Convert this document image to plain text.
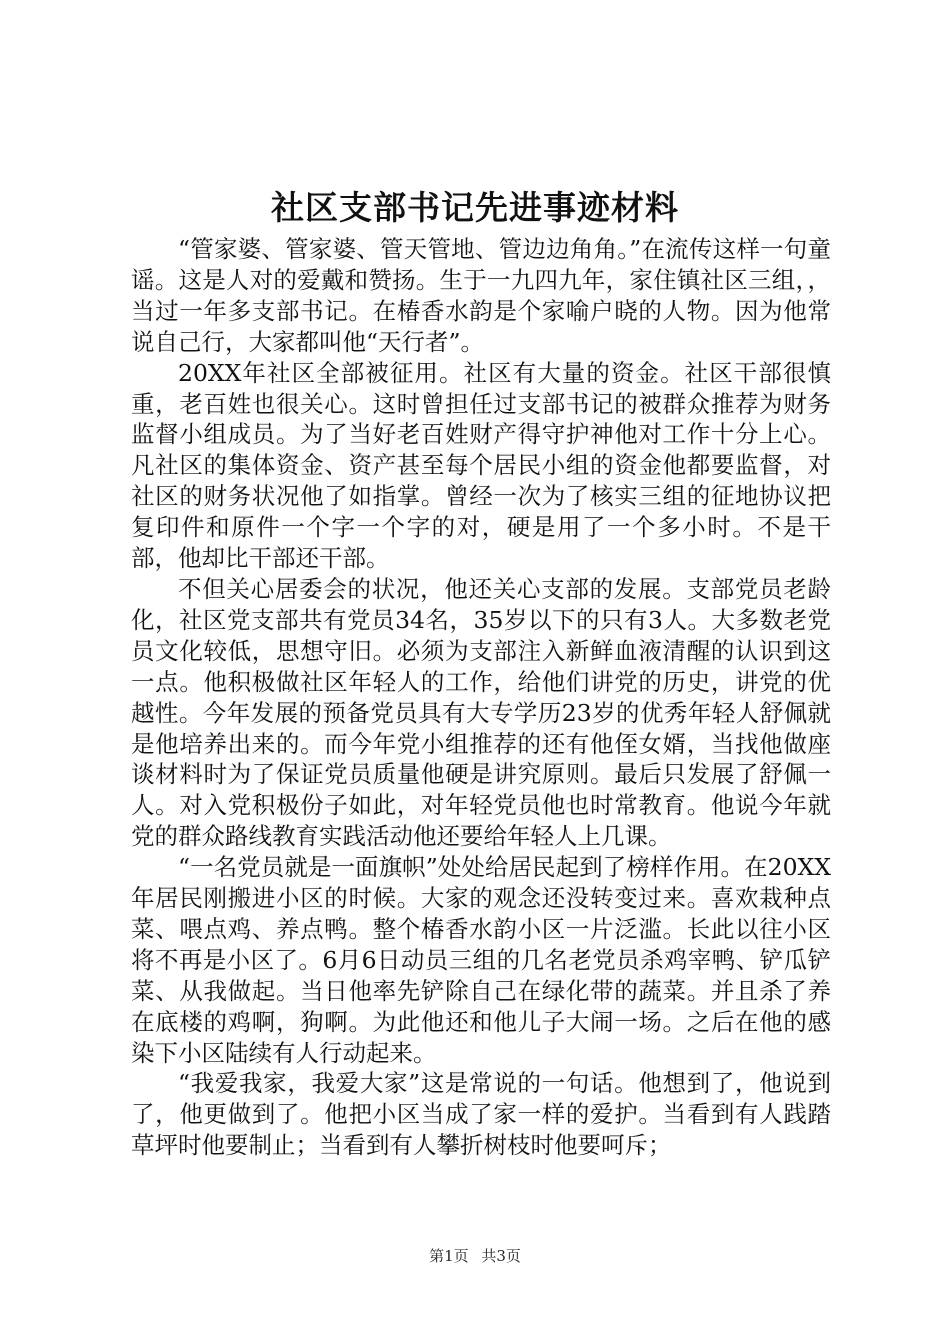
社区支部书记先进事迹材料

“管家婆、管家婆、管天管地、管边边角角。”在流传这样一句童谣。这是人对的爱戴和赞扬。生于一九四九年，家住镇社区三组，，当过一年多支部书记。在椿香水韵是个家喻户晓的人物。因为他常说自己行，大家都叫他“天行者”。

20XX年社区全部被征用。社区有大量的资金。社区干部很慎重，老百姓也很关心。这时曾担任过支部书记的被群众推荐为财务监督小组成员。为了当好老百姓财产得守护神他对工作十分上心。凡社区的集体资金、资产甚至每个居民小组的资金他都要监督，对社区的财务状况他了如指掌。曾经一次为了核实三组的征地协议把复印件和原件一个字一个字的对，硬是用了一个多小时。不是干部，他却比干部还干部。

不但关心居委会的状况，他还关心支部的发展。支部党员老龄化，社区党支部共有党员34名，35岁以下的只有3人。大多数老党员文化较低，思想守旧。必须为支部注入新鲜血液清醒的认识到这一点。他积极做社区年轻人的工作，给他们讲党的历史，讲党的优越性。今年发展的预备党员具有大专学历23岁的优秀年轻人舒佩就是他培养出来的。而今年党小组推荐的还有他侄女婿，当找他做座谈材料时为了保证党员质量他硬是讲究原则。最后只发展了舒佩一人。对入党积极份子如此，对年轻党员他也时常教育。他说今年就党的群众路线教育实践活动他还要给年轻人上几课。

“一名党员就是一面旗帜”处处给居民起到了榜样作用。在20XX年居民刚搬进小区的时候。大家的观念还没转变过来。喜欢栽种点菜、喂点鸡、养点鸭。整个椿香水韵小区一片泛滥。长此以往小区将不再是小区了。6月6日动员三组的几名老党员杀鸡宰鸭、铲瓜铲菜、从我做起。当日他率先铲除自己在绿化带的蔬菜。并且杀了养在底楼的鸡啊，狗啊。为此他还和他儿子大闹一场。之后在他的感染下小区陆续有人行动起来。

“我爱我家，我爱大家”这是常说的一句话。他想到了，他说到了，他更做到了。他把小区当成了家一样的爱护。当看到有人践踏草坪时他要制止；当看到有人攀折树枝时他要呵斥；

第1页 共3页
